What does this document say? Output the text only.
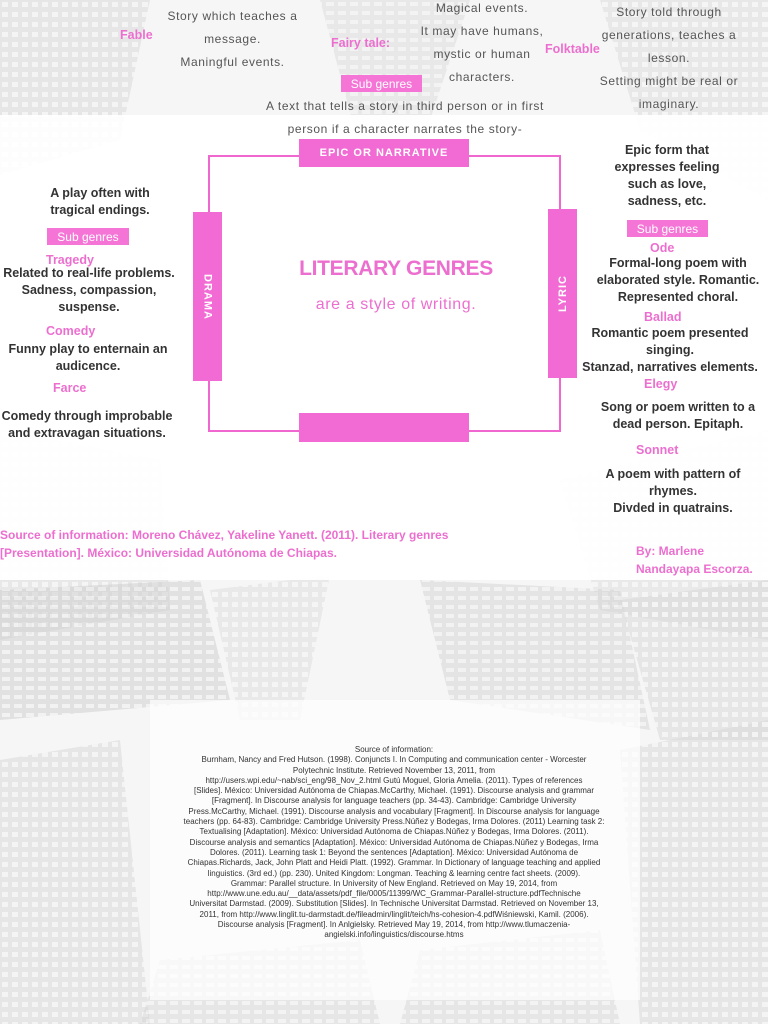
EPIC OR NARRATIVE
DRAMA	LYRIC
LITERARY GENRES
are a style of writing.
Fable
Story which teaches a
message.
Maningful events.
Fairy tale:
Magical events.
It may have humans,
mystic or human
characters.
Folktable
Story told through
generations, teaches a
lesson.
Setting might be real or
imaginary.
Sub genres
A text that tells a story in third person or in first
person if a character narrates the story-
A play often with
tragical endings.
Sub genres
Tragedy
Related to real-life problems.
Sadness, compassion,
suspense.
Comedy
Funny play to enternain an
audicence.
Farce
Comedy through improbable
and extravagan situations.
Epic form that
expresses feeling
such as love,
sadness, etc.
Sub genres
Ode
Formal-long poem with
elaborated style. Romantic.
Represented choral.
Ballad
Romantic poem presented
singing.
Stanzad, narratives elements.
Elegy
Song or poem written to a
dead person. Epitaph.
Sonnet
A poem with pattern of
rhymes.
Divded in quatrains.
Source of information: Moreno Chávez, Yakeline Yanett. (2011). Literary genres
[Presentation]. México: Universidad Autónoma de Chiapas.	By: Marlene
Nandayapa Escorza.
Source of information:
Burnham, Nancy and Fred Hutson. (1998). Conjuncts I. In Computing and communication center - Worcester
Polytechnic Institute. Retrieved November 13, 2011, from
http://users.wpi.edu/~nab/sci_eng/98_Nov_2.html Gutú Moguel, Gloria Amelia. (2011). Types of references
[Slides]. México: Universidad Autónoma de Chiapas.McCarthy, Michael. (1991). Discourse analysis and grammar
[Fragment]. In Discourse analysis for language teachers (pp. 34-43). Cambridge: Cambridge University
Press.McCarthy, Michael. (1991). Discourse analysis and vocabulary [Fragment]. In Discourse analysis for language
teachers (pp. 64-83). Cambridge: Cambridge University Press.Núñez y Bodegas, Irma Dolores. (2011) Learning task 2:
Textualising [Adaptation]. México: Universidad Autónoma de Chiapas.Núñez y Bodegas, Irma Dolores. (2011).
Discourse analysis and semantics [Adaptation]. México: Universidad Autónoma de Chiapas.Núñez y Bodegas, Irma
Dolores. (2011). Learning task 1: Beyond the sentences [Adaptation]. México: Universidad Autónoma de
Chiapas.Richards, Jack, John Platt and Heidi Platt. (1992). Grammar. In Dictionary of language teaching and applied
linguistics. (3rd ed.) (pp. 230). United Kingdom: Longman. Teaching & learning centre fact sheets. (2009).
Grammar: Parallel structure. In University of New England. Retrieved on May 19, 2014, from
http://www.une.edu.au/__data/assets/pdf_file/0005/11399/WC_Grammar-Parallel-structure.pdfTechnische
Universitat Darmstad. (2009). Substitution [Slides]. In Technische Universitat Darmstad. Retrieved on November 13,
2011, from http://www.linglit.tu-darmstadt.de/fileadmin/linglit/teich/hs-cohesion-4.pdfWiśniewski, Kamil. (2006).
Discourse analysis [Fragment]. In Anlgielsky. Retrieved May 19, 2014, from http://www.tlumaczenia-
angielski.info/linguistics/discourse.htms
